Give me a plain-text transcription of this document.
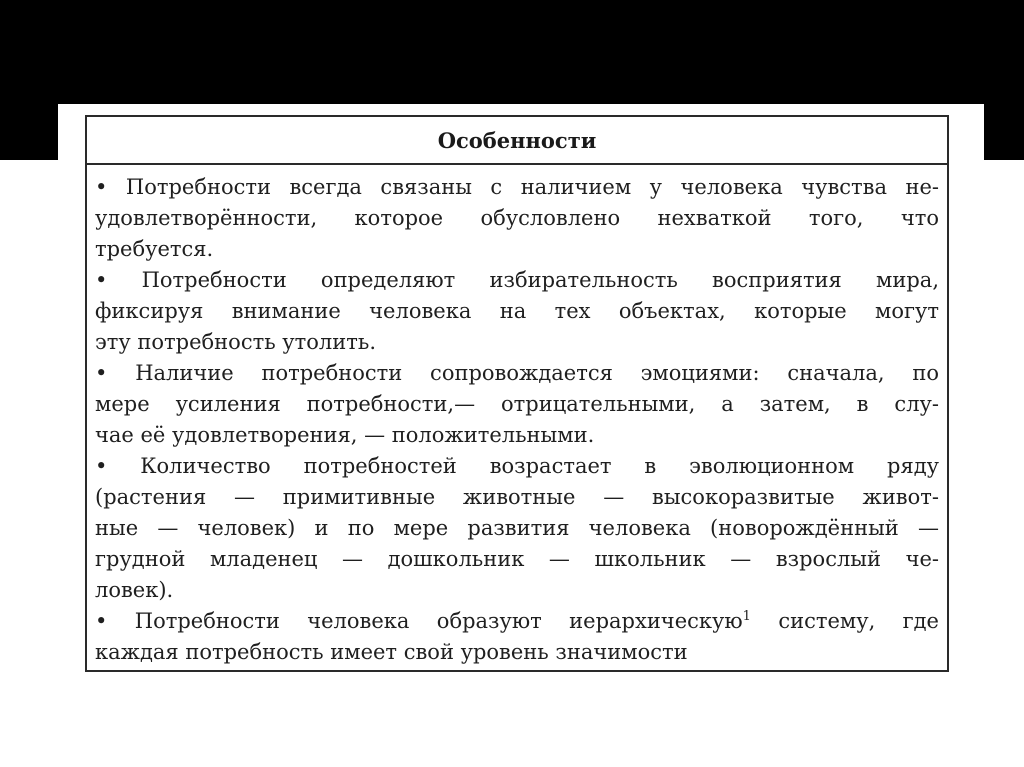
Особенности
• Потребности всегда связаны с наличием у человека чувства не-
удовлетворённости, которое обусловлено нехваткой того, что
требуется.
• Потребности определяют избирательность восприятия мира,
фиксируя внимание человека на тех объектах, которые могут
эту потребность утолить.
• Наличие потребности сопровождается эмоциями: сначала, по
мере усиления потребности,— отрицательными, а затем, в слу-
чае её удовлетворения, — положительными.
• Количество потребностей возрастает в эволюционном ряду
(растения — примитивные животные — высокоразвитые живот-
ные — человек) и по мере развития человека (новорождённый —
грудной младенец — дошкольник — школьник — взрослый че-
ловек).
• Потребности человека образуют иерархическую$^1$ систему, где
каждая потребность имеет свой уровень значимости
